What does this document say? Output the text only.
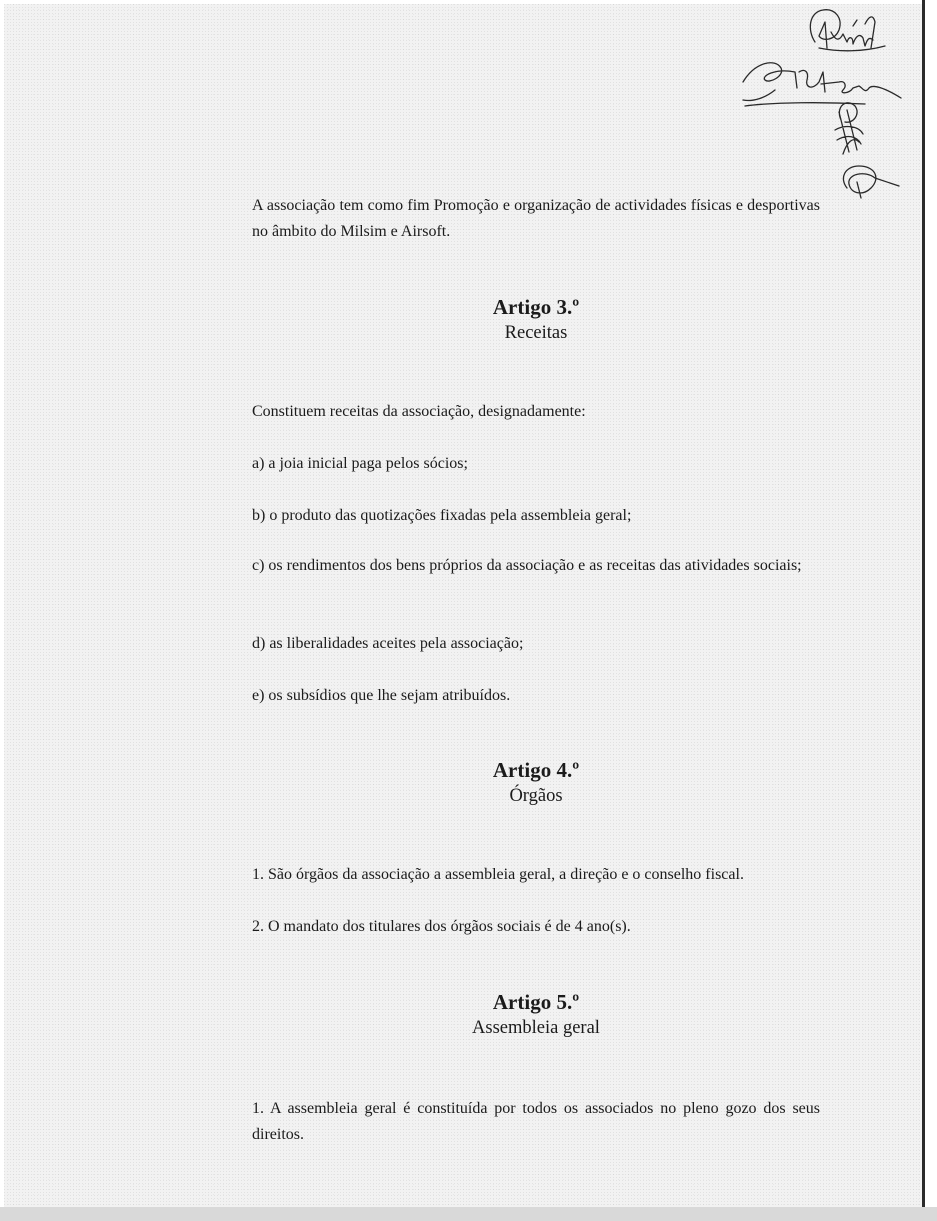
A associação tem como fim Promoção e organização de actividades físicas e desportivas no âmbito do Milsim e Airsoft.

Artigo 3.º
Receitas

Constituem receitas da associação, designadamente:

a) a joia inicial paga pelos sócios;

b) o produto das quotizações fixadas pela assembleia geral;

c) os rendimentos dos bens próprios da associação e as receitas das atividades sociais;

d) as liberalidades aceites pela associação;

e) os subsídios que lhe sejam atribuídos.

Artigo 4.º
Órgãos

1. São órgãos da associação a assembleia geral, a direção e o conselho fiscal.

2. O mandato dos titulares dos órgãos sociais é de 4 ano(s).

Artigo 5.º
Assembleia geral

1. A assembleia geral é constituída por todos os associados no pleno gozo dos seus direitos.
